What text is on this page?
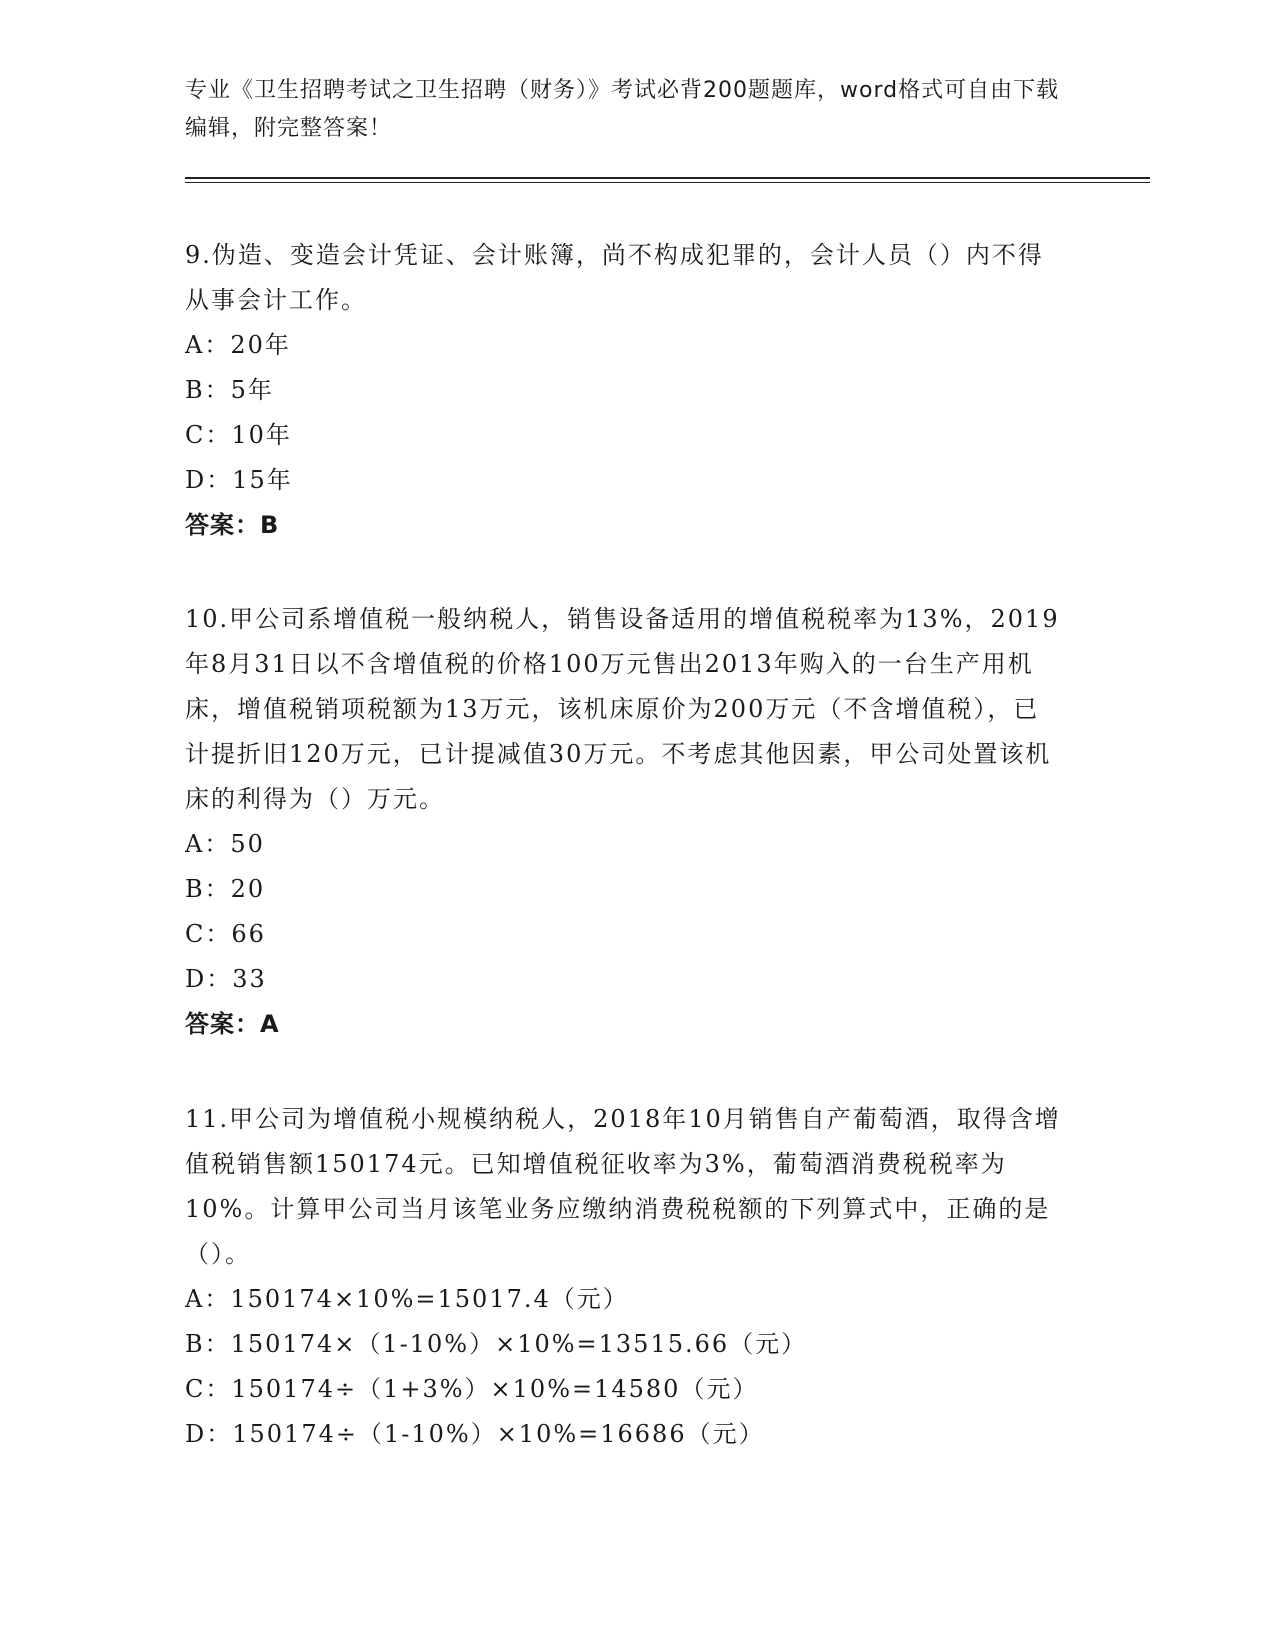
专业《卫生招聘考试之卫生招聘（财务）》考试必背200题题库，word格式可自由下载编辑，附完整答案！

9.伪造、变造会计凭证、会计账簿，尚不构成犯罪的，会计人员（）内不得从事会计工作。

A：20年

B：5年

C：10年

D：15年

答案：B

10.甲公司系增值税一般纳税人，销售设备适用的增值税税率为13%，2019年8月31日以不含增值税的价格100万元售出2013年购入的一台生产用机床，增值税销项税额为13万元，该机床原价为200万元（不含增值税），已计提折旧120万元，已计提减值30万元。不考虑其他因素，甲公司处置该机床的利得为（）万元。

A：50

B：20

C：66

D：33

答案：A

11.甲公司为增值税小规模纳税人，2018年10月销售自产葡萄酒，取得含增值税销售额150174元。已知增值税征收率为3%，葡萄酒消费税税率为10%。计算甲公司当月该笔业务应缴纳消费税税额的下列算式中，正确的是（）。

A：150174×10%=15017.4（元）

B：150174×（1-10%）×10%=13515.66（元）

C：150174÷（1+3%）×10%=14580（元）

D：150174÷（1-10%）×10%=16686（元）
